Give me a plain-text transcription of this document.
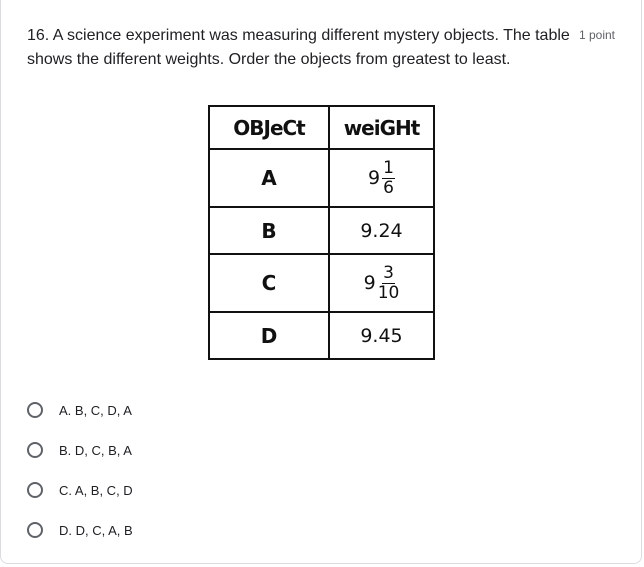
16. A science experiment was measuring different mystery objects. The table shows the different weights. Order the objects from greatest to least.
1 point
OBJeCt	weiGHt
A	$9 \frac{1}{6}$

B	9.24
C	$9 \frac{3}{10}$

D	9.45
A. B, C, D, A
B. D, C, B, A
C. A, B, C, D
D. D, C, A, B
